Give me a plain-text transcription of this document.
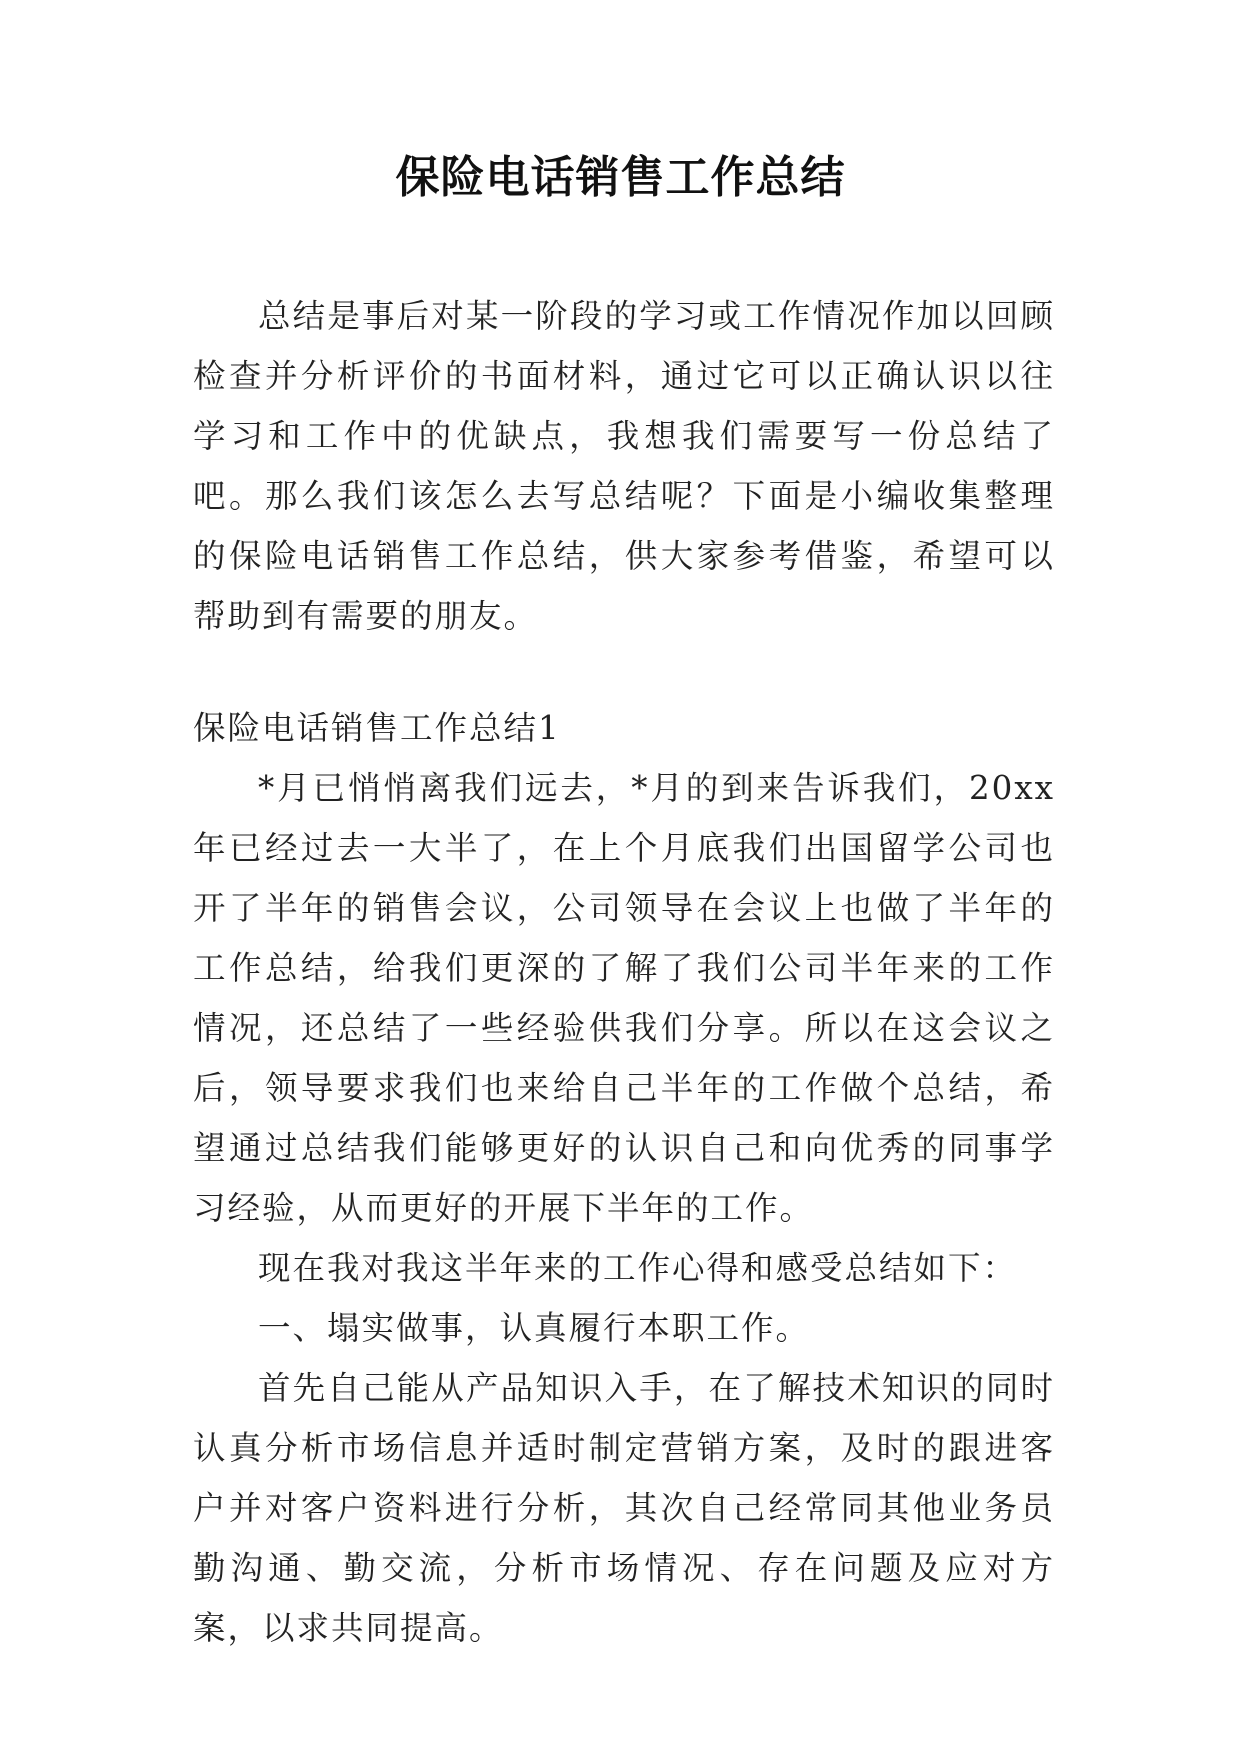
保险电话销售工作总结

总结是事后对某一阶段的学习或工作情况作加以回顾检查并分析评价的书面材料，通过它可以正确认识以往学习和工作中的优缺点，我想我们需要写一份总结了吧。那么我们该怎么去写总结呢？下面是小编收集整理的保险电话销售工作总结，供大家参考借鉴，希望可以帮助到有需要的朋友。

保险电话销售工作总结1

*月已悄悄离我们远去，*月的到来告诉我们，20xx年已经过去一大半了，在上个月底我们出国留学公司也开了半年的销售会议，公司领导在会议上也做了半年的工作总结，给我们更深的了解了我们公司半年来的工作情况，还总结了一些经验供我们分享。所以在这会议之后，领导要求我们也来给自己半年的工作做个总结，希望通过总结我们能够更好的认识自己和向优秀的同事学习经验，从而更好的开展下半年的工作。

现在我对我这半年来的工作心得和感受总结如下：

一、塌实做事，认真履行本职工作。

首先自己能从产品知识入手，在了解技术知识的同时认真分析市场信息并适时制定营销方案，及时的跟进客户并对客户资料进行分析，其次自己经常同其他业务员勤沟通、勤交流，分析市场情况、存在问题及应对方案，以求共同提高。
